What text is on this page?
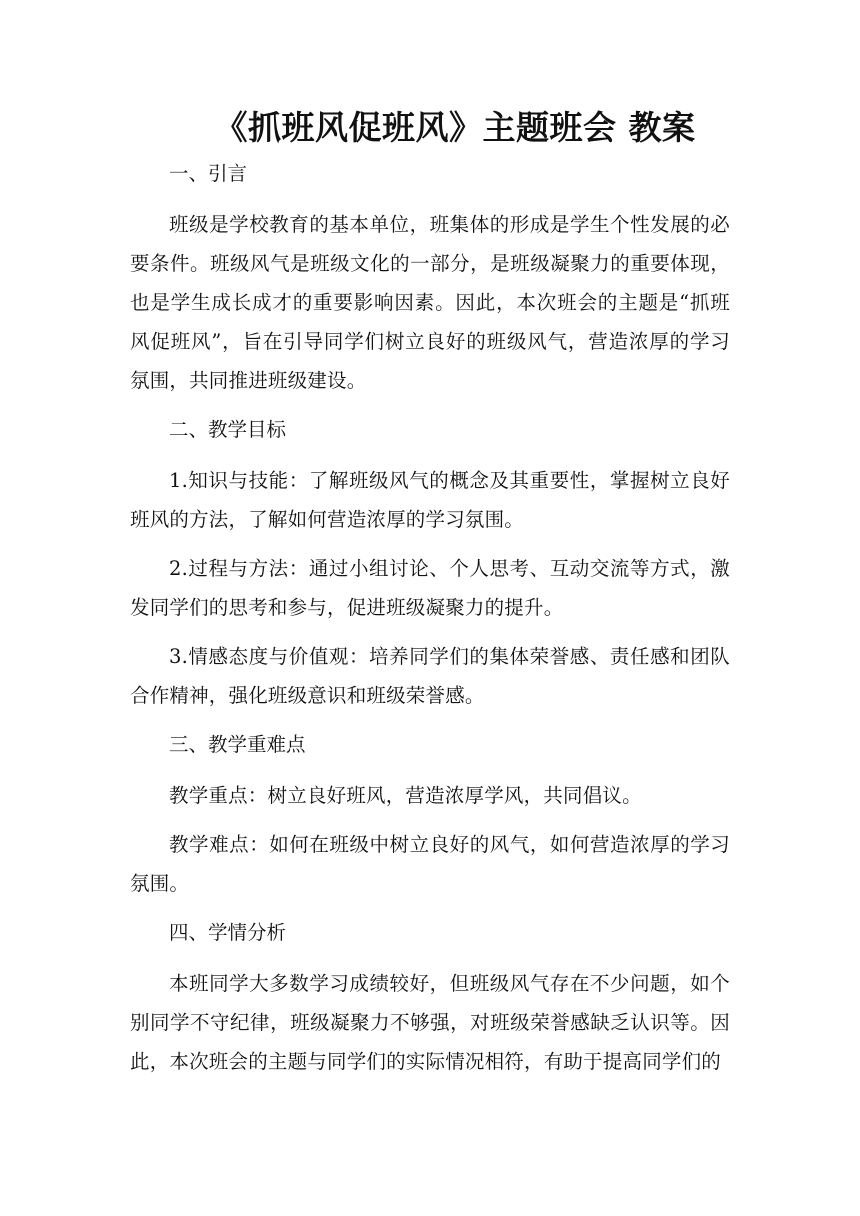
《抓班风促班风》主题班会 教案

一、引言

班级是学校教育的基本单位，班集体的形成是学生个性发展的必要条件。班级风气是班级文化的一部分，是班级凝聚力的重要体现，也是学生成长成才的重要影响因素。因此，本次班会的主题是“抓班风促班风”，旨在引导同学们树立良好的班级风气，营造浓厚的学习氛围，共同推进班级建设。

二、教学目标

1.知识与技能：了解班级风气的概念及其重要性，掌握树立良好班风的方法，了解如何营造浓厚的学习氛围。

2.过程与方法：通过小组讨论、个人思考、互动交流等方式，激发同学们的思考和参与，促进班级凝聚力的提升。

3.情感态度与价值观：培养同学们的集体荣誉感、责任感和团队合作精神，强化班级意识和班级荣誉感。

三、教学重难点

教学重点：树立良好班风，营造浓厚学风，共同倡议。

教学难点：如何在班级中树立良好的风气，如何营造浓厚的学习氛围。

四、学情分析

本班同学大多数学习成绩较好，但班级风气存在不少问题，如个别同学不守纪律，班级凝聚力不够强，对班级荣誉感缺乏认识等。因此，本次班会的主题与同学们的实际情况相符，有助于提高同学们的
